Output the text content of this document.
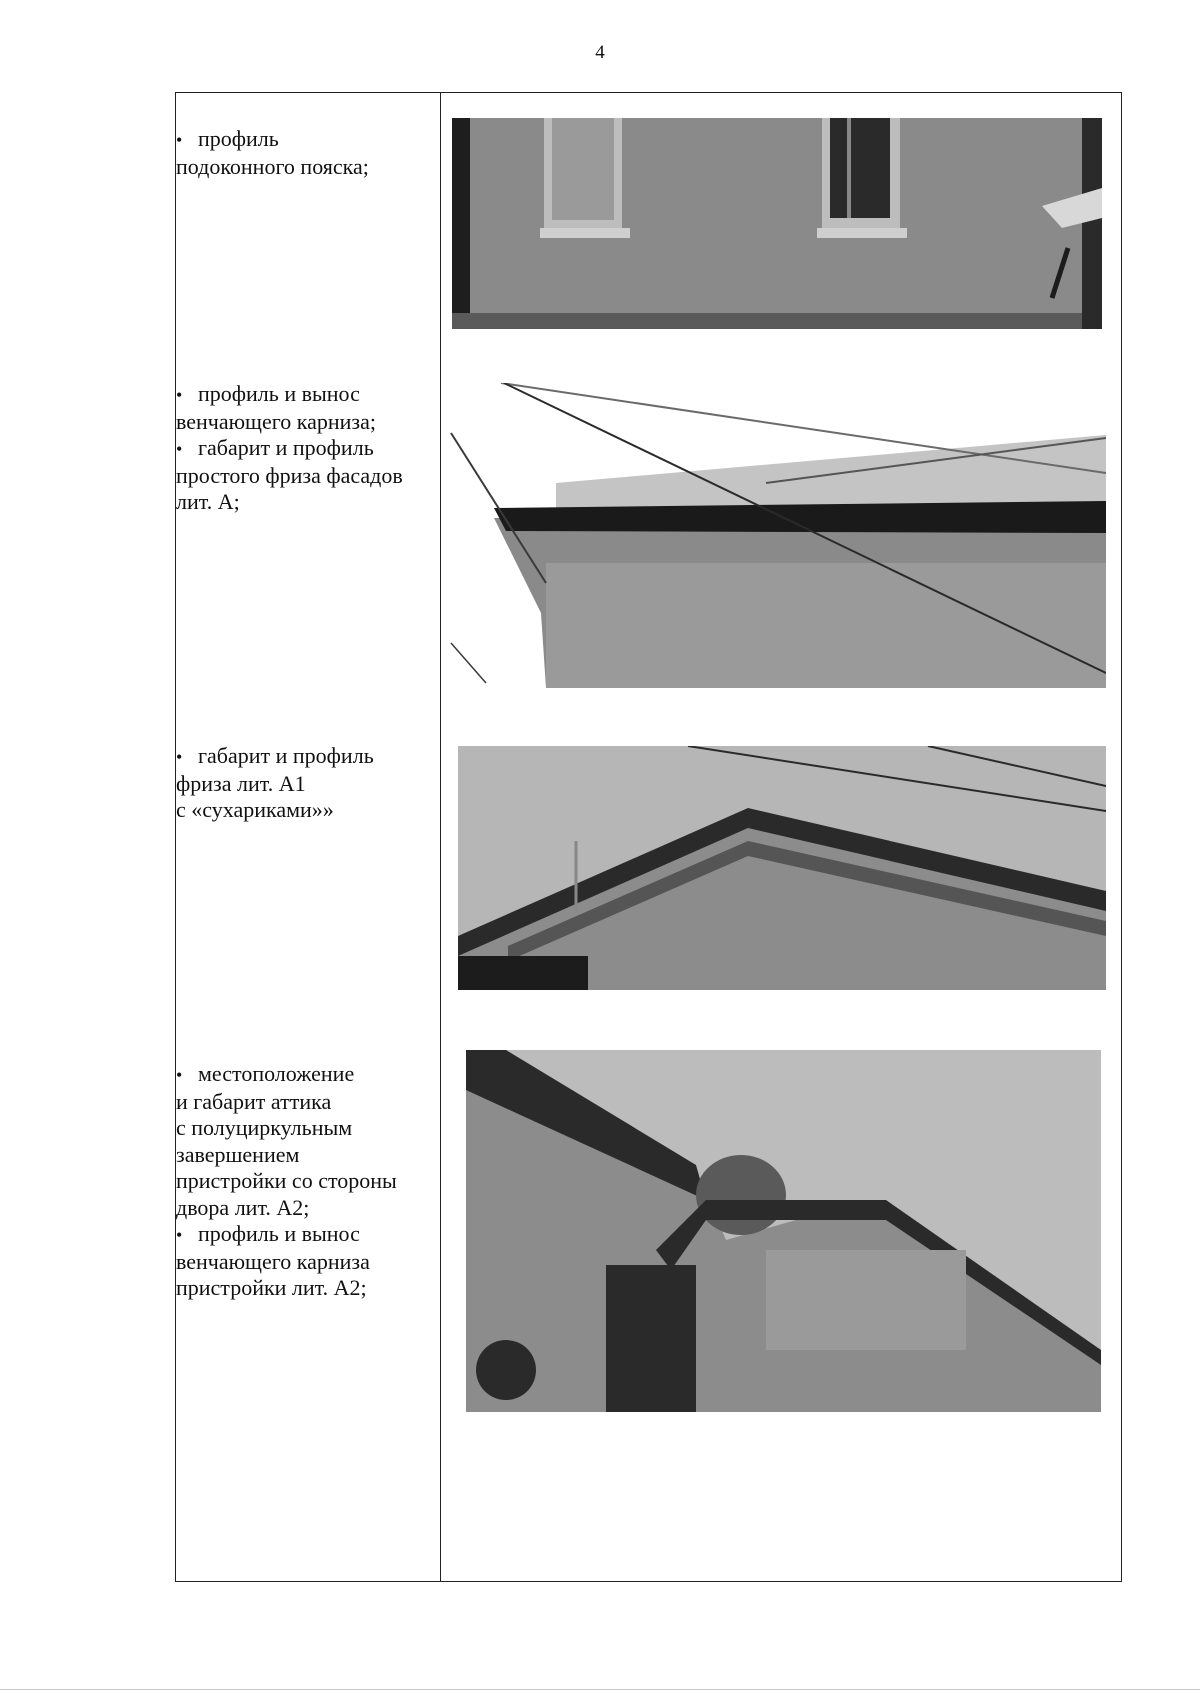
4
• профиль
подоконного пояска;
• профиль и вынос
венчающего карниза;
• габарит и профиль
простого фриза фасадов
лит. А;
• габарит и профиль
фриза лит. А1
с «сухариками»»
• местоположение
и габарит аттика
с полуциркульным
завершением
пристройки со стороны
двора лит. А2;
• профиль и вынос
венчающего карниза
пристройки лит. А2;
